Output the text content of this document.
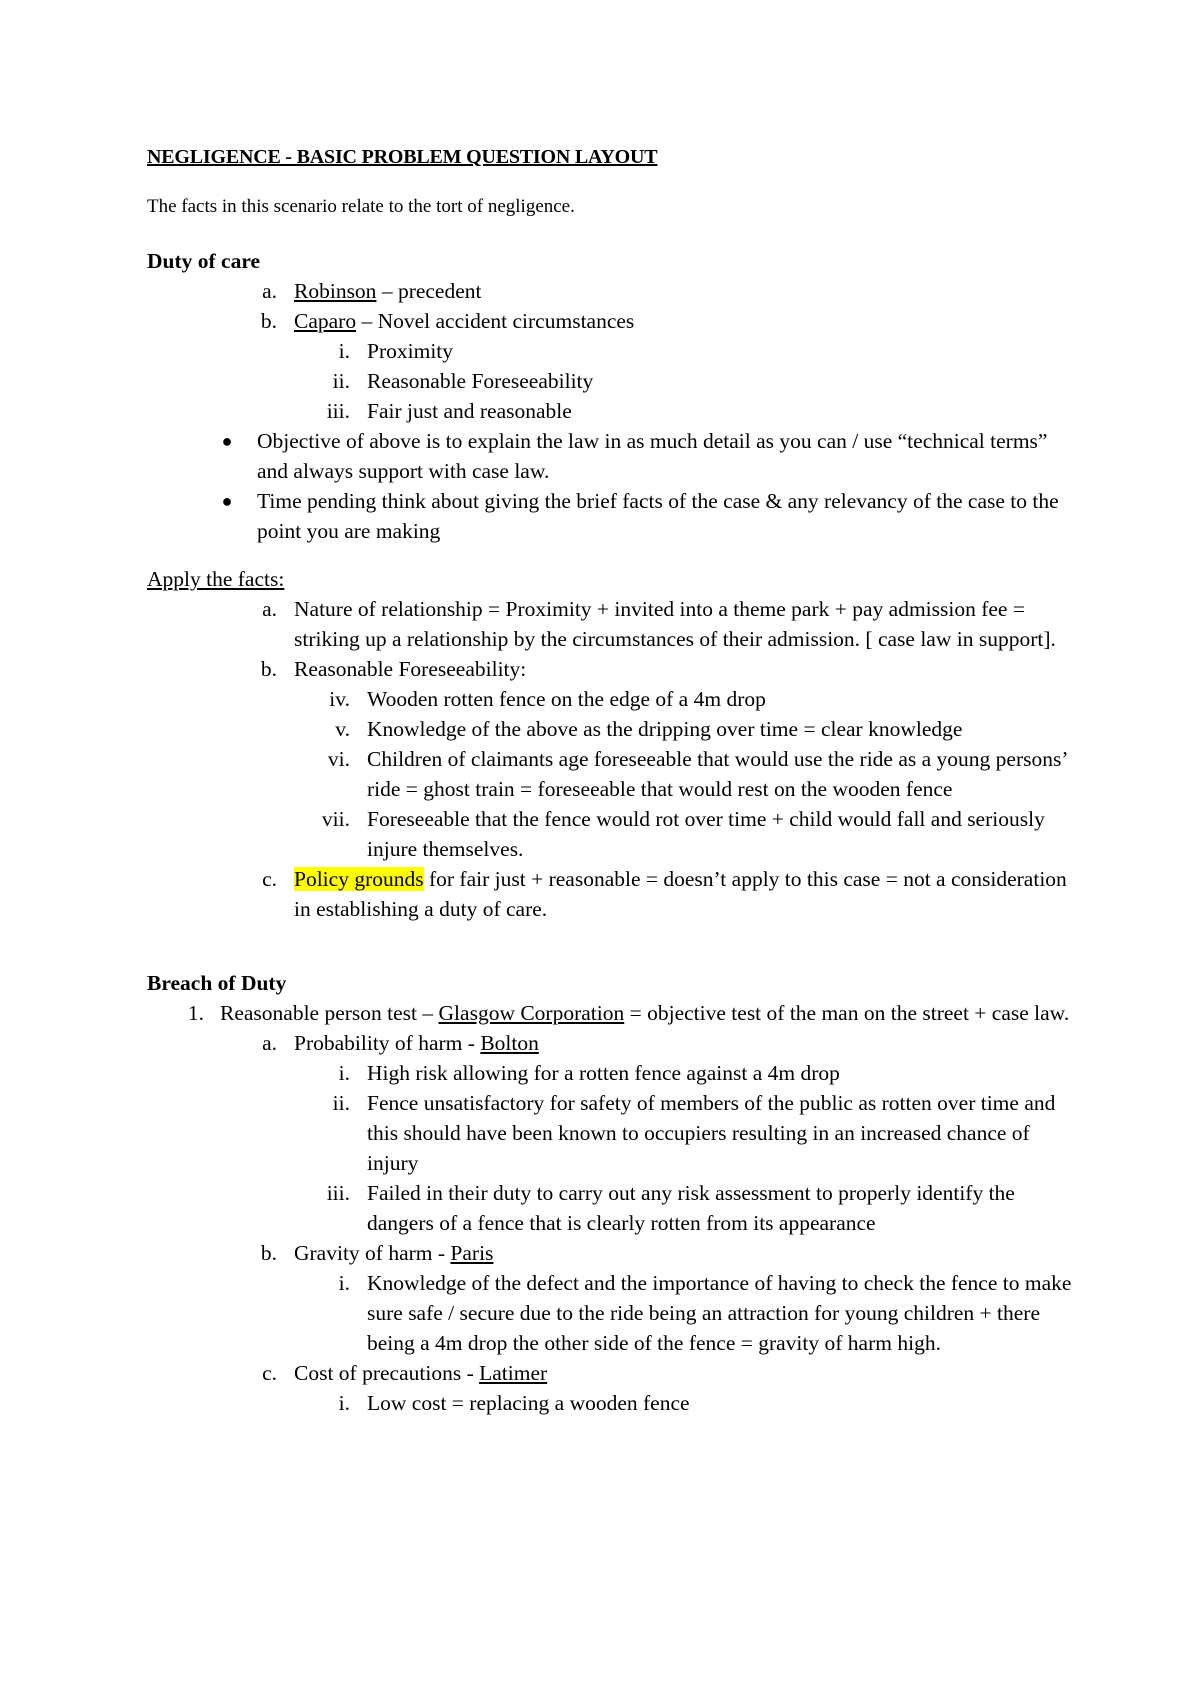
NEGLIGENCE - BASIC PROBLEM QUESTION LAYOUT

The facts in this scenario relate to the tort of negligence.

Duty of care

a. Robinson – precedent
b. Caparo – Novel accident circumstances
i. Proximity
ii. Reasonable Foreseeability
iii. Fair just and reasonable
● Objective of above is to explain the law in as much detail as you can / use “technical terms” and always support with case law.
● Time pending think about giving the brief facts of the case & any relevancy of the case to the point you are making

Apply the facts:

a. Nature of relationship = Proximity + invited into a theme park + pay admission fee = striking up a relationship by the circumstances of their admission. [ case law in support].
b. Reasonable Foreseeability:
iv. Wooden rotten fence on the edge of a 4m drop
v. Knowledge of the above as the dripping over time = clear knowledge
vi. Children of claimants age foreseeable that would use the ride as a young persons’ ride = ghost train = foreseeable that would rest on the wooden fence
vii. Foreseeable that the fence would rot over time + child would fall and seriously injure themselves.
c. Policy grounds for fair just + reasonable = doesn’t apply to this case = not a consideration in establishing a duty of care.

Breach of Duty

1. Reasonable person test – Glasgow Corporation = objective test of the man on the street + case law.
a. Probability of harm - Bolton
i. High risk allowing for a rotten fence against a 4m drop
ii. Fence unsatisfactory for safety of members of the public as rotten over time and this should have been known to occupiers resulting in an increased chance of injury
iii. Failed in their duty to carry out any risk assessment to properly identify the dangers of a fence that is clearly rotten from its appearance
b. Gravity of harm - Paris
i. Knowledge of the defect and the importance of having to check the fence to make sure safe / secure due to the ride being an attraction for young children + there being a 4m drop the other side of the fence = gravity of harm high.
c. Cost of precautions - Latimer
i. Low cost = replacing a wooden fence
